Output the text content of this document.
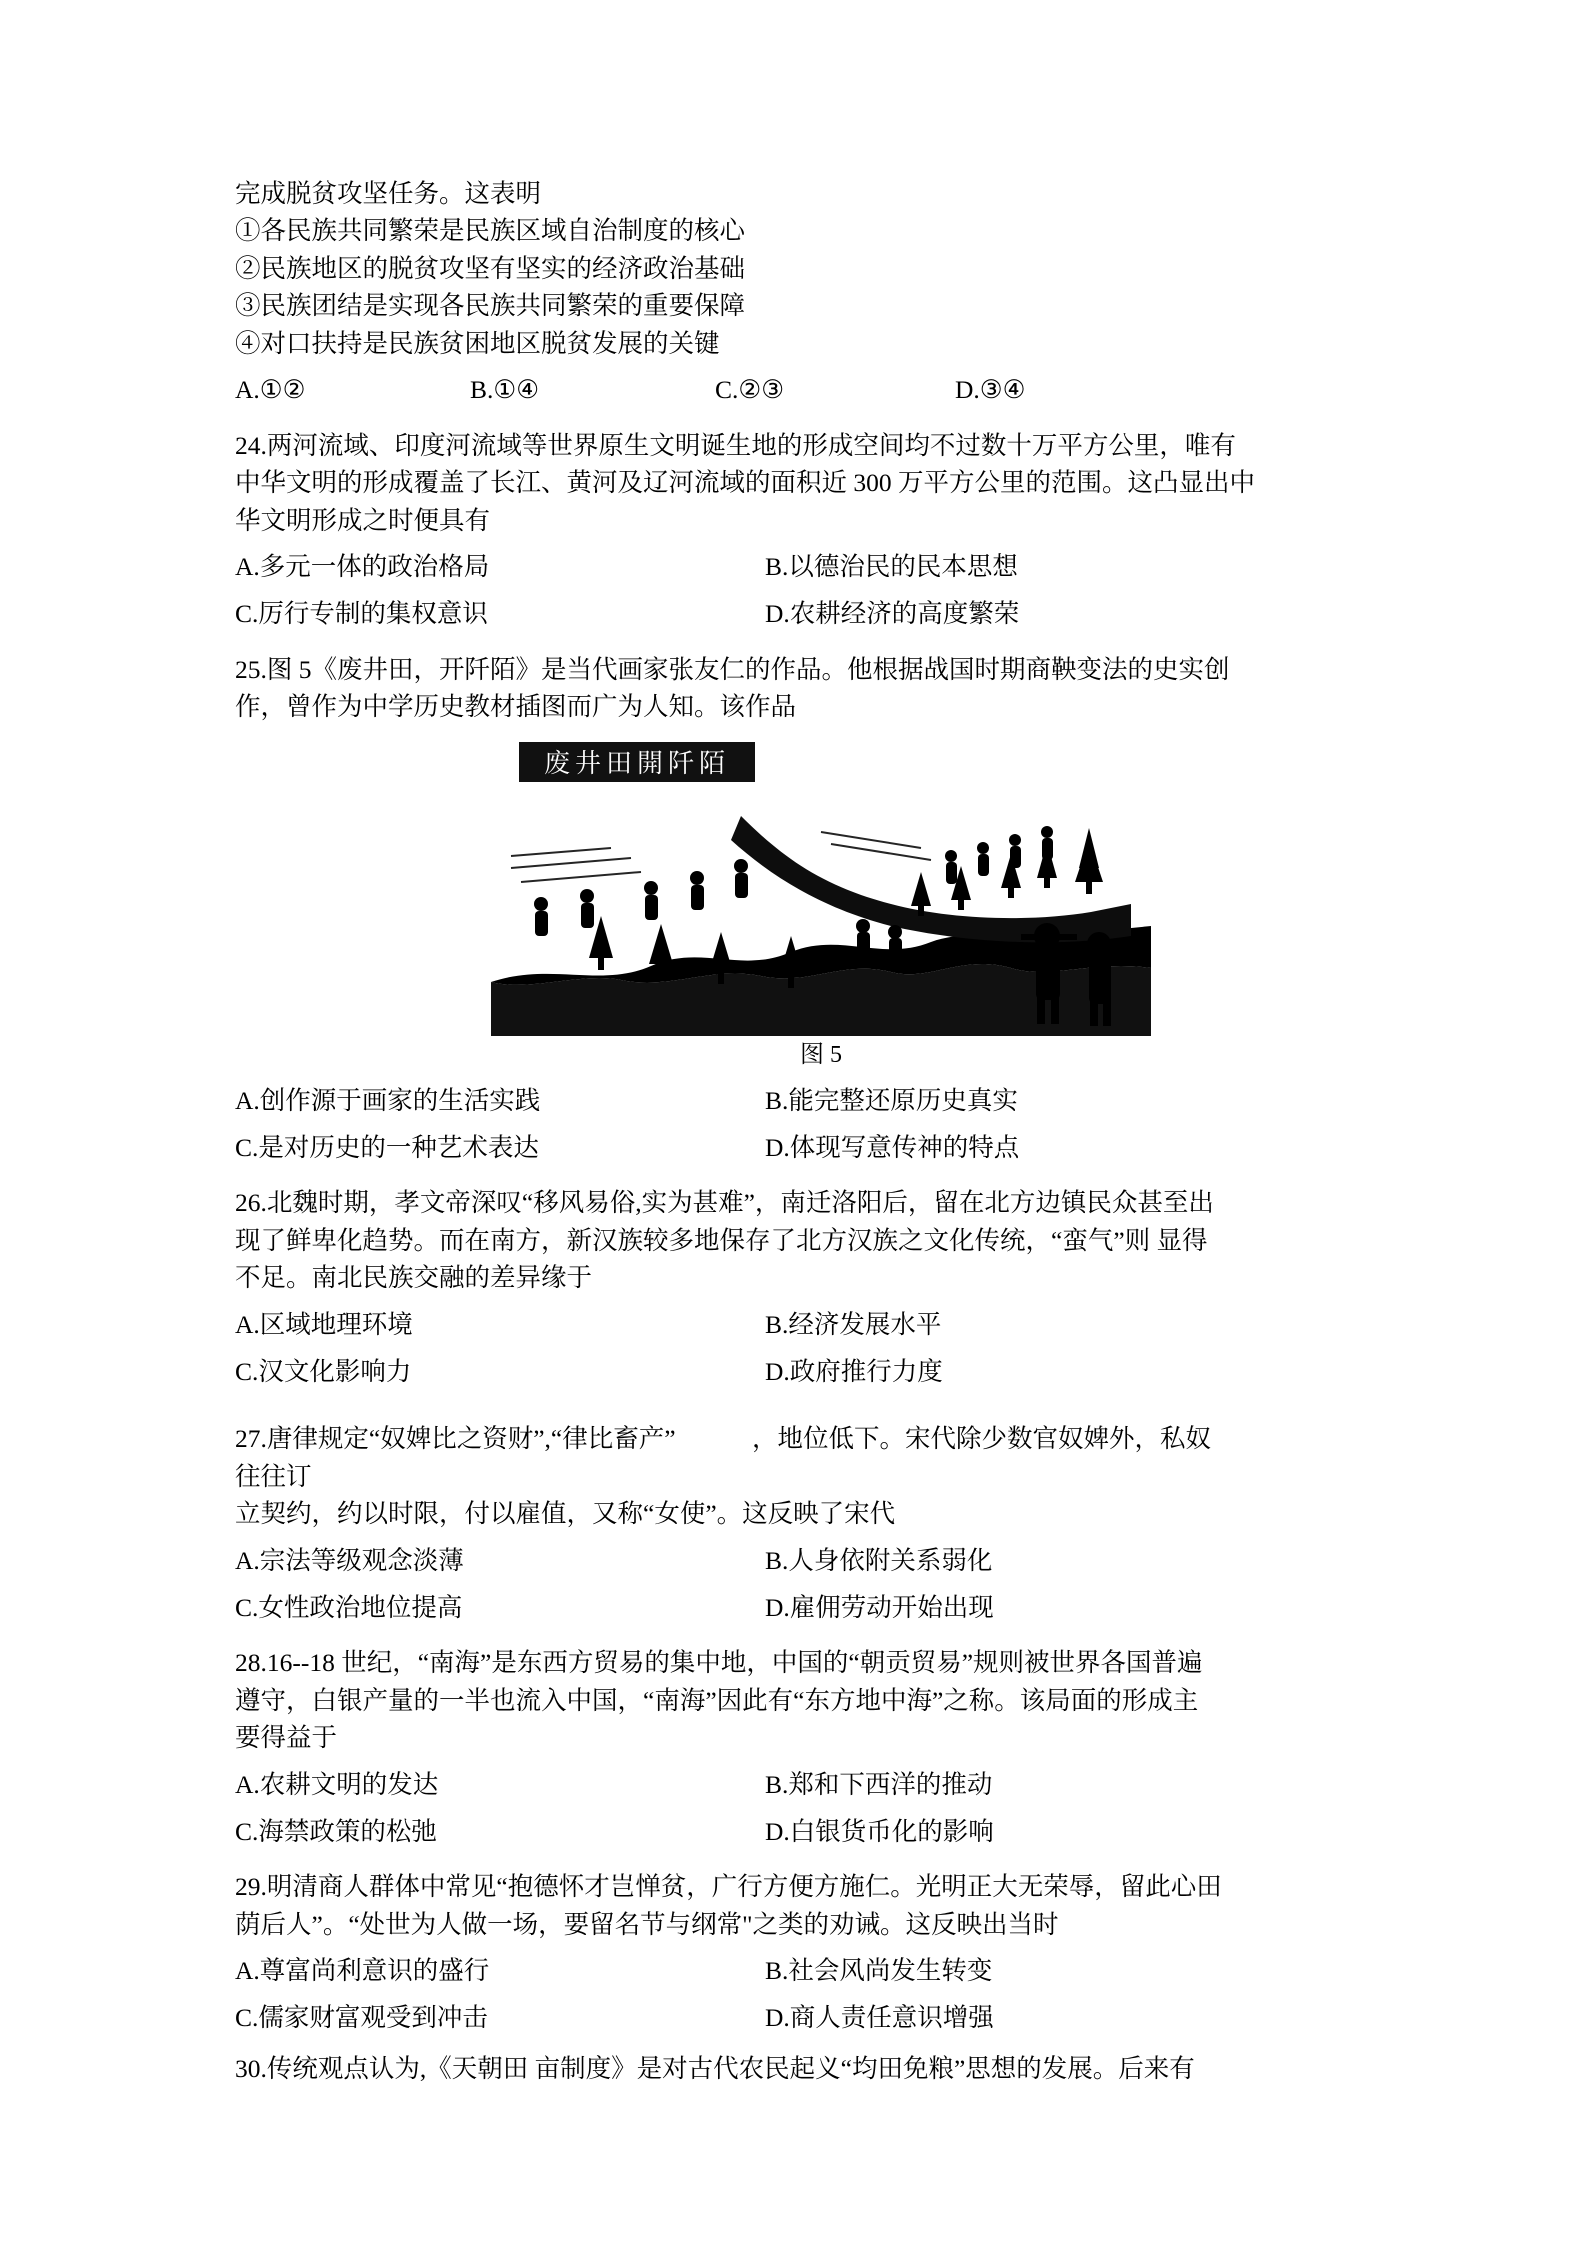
完成脱贫攻坚任务。这表明

①各民族共同繁荣是民族区域自治制度的核心

②民族地区的脱贫攻坚有坚实的经济政治基础

③民族团结是实现各民族共同繁荣的重要保障

④对口扶持是民族贫困地区脱贫发展的关键

A.①②	B.①④	C.②③	D.③④

24.两河流域、印度河流域等世界原生文明诞生地的形成空间均不过数十万平方公里，唯有

中华文明的形成覆盖了长江、黄河及辽河流域的面积近 300 万平方公里的范围。这凸显出中

华文明形成之时便具有

A.多元一体的政治格局	B.以德治民的民本思想

C.厉行专制的集权意识	D.农耕经济的高度繁荣

25.图 5《废井田，开阡陌》是当代画家张友仁的作品。他根据战国时期商鞅变法的史实创

作，曾作为中学历史教材插图而广为人知。该作品

废井田開阡陌
图 5

A.创作源于画家的生活实践	B.能完整还原历史真实

C.是对历史的一种艺术表达	D.体现写意传神的特点

26.北魏时期，孝文帝深叹“移风易俗,实为甚难”，南迁洛阳后，留在北方边镇民众甚至出

现了鲜卑化趋势。而在南方，新汉族较多地保存了北方汉族之文化传统，“蛮气”则 显得

不足。南北民族交融的差异缘于

A.区域地理环境	B.经济发展水平

C.汉文化影响力	D.政府推行力度

27.唐律规定“奴婢比之资财”,“律比畜产”　　　，地位低下。宋代除少数官奴婢外，私奴

往往订

立契约，约以时限，付以雇值，又称“女使”。这反映了宋代

A.宗法等级观念淡薄	B.人身依附关系弱化

C.女性政治地位提高	D.雇佣劳动开始出现

28.16--18 世纪，“南海”是东西方贸易的集中地，中国的“朝贡贸易”规则被世界各国普遍

遵守，白银产量的一半也流入中国，“南海”因此有“东方地中海”之称。该局面的形成主

要得益于

A.农耕文明的发达	B.郑和下西洋的推动

C.海禁政策的松弛	D.白银货币化的影响

29.明清商人群体中常见“抱德怀才岂惮贫，广行方便方施仁。光明正大无荣辱，留此心田

荫后人”。“处世为人做一场，要留名节与纲常"之类的劝诫。这反映出当时

A.尊富尚利意识的盛行	B.社会风尚发生转变

C.儒家财富观受到冲击	D.商人责任意识增强

30.传统观点认为,《天朝田 亩制度》是对古代农民起义“均田免粮”思想的发展。后来有
